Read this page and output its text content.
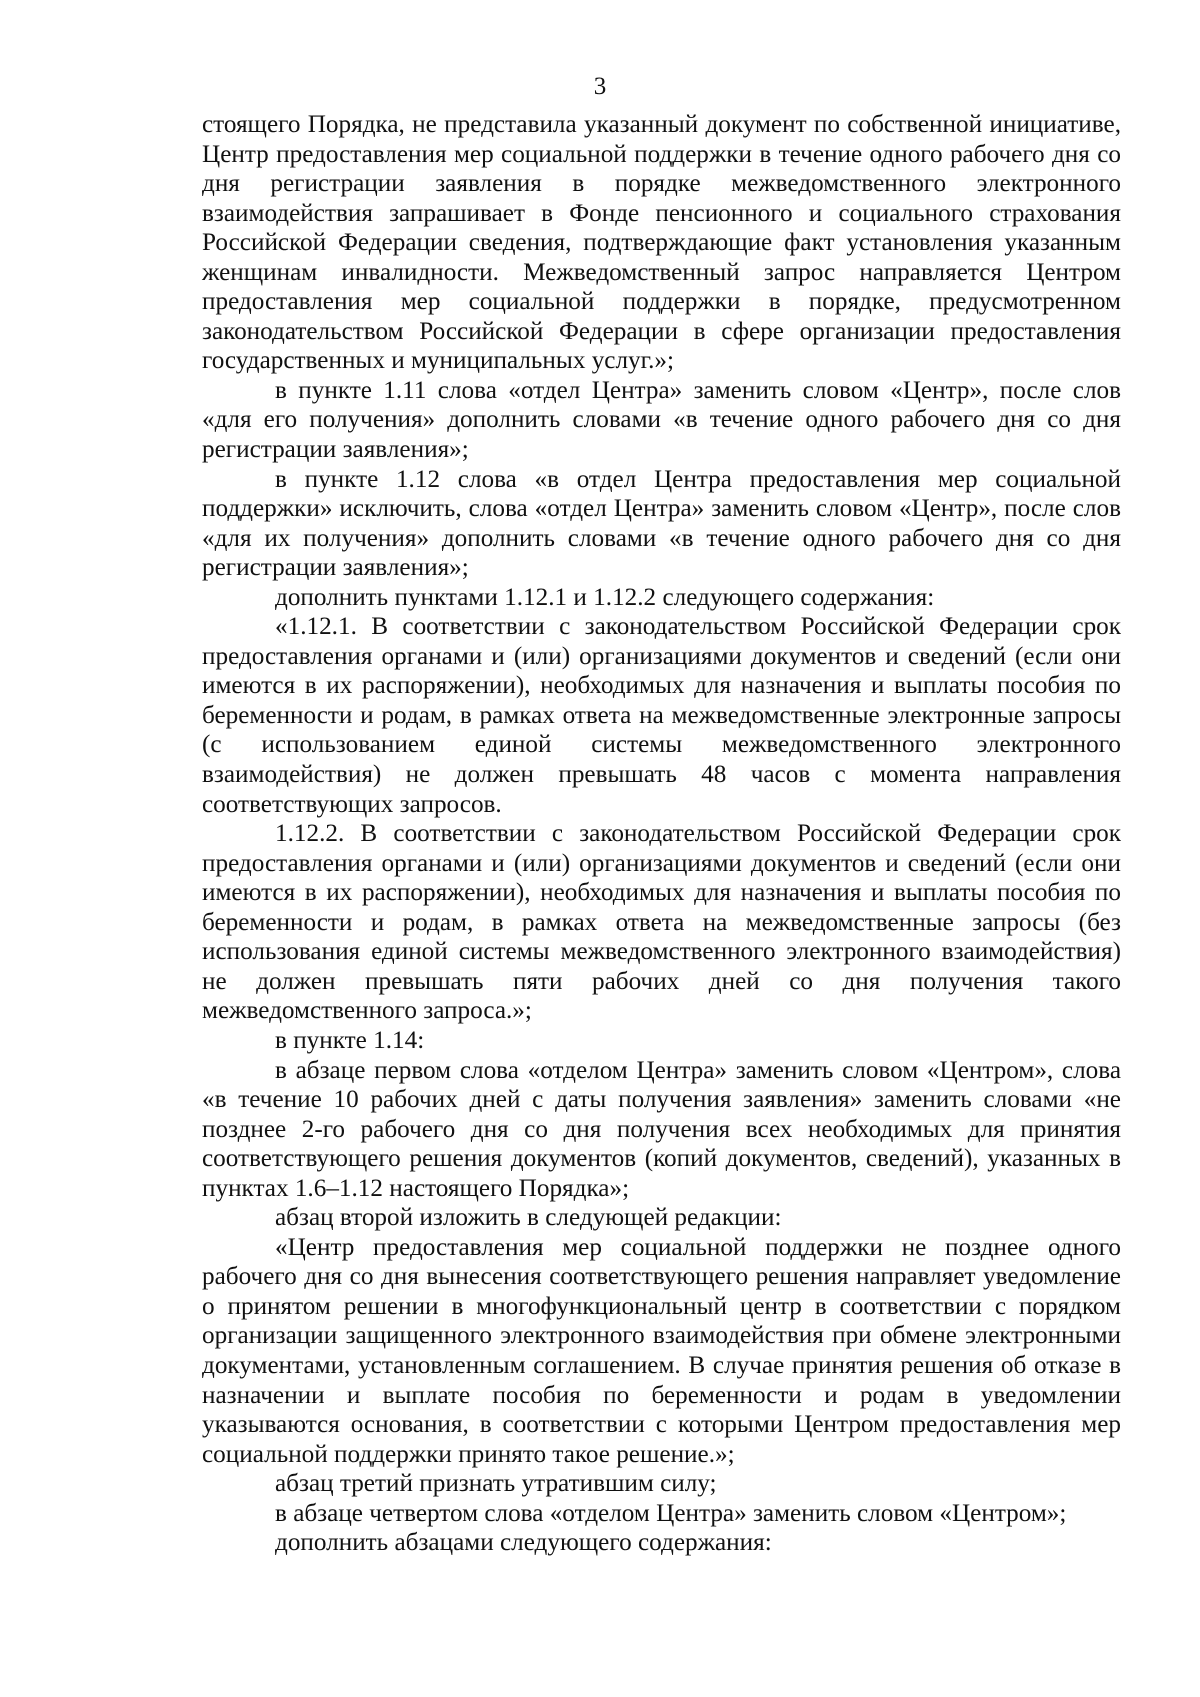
3

стоящего Порядка, не представила указанный документ по собственной инициативе, Центр предоставления мер социальной поддержки в течение одного рабочего дня со дня регистрации заявления в порядке межведомственного электронного взаимодействия запрашивает в Фонде пенсионного и социального страхования Российской Федерации сведения, подтверждающие факт установления указанным женщинам инвалидности. Межведомственный запрос направляется Центром предоставления мер социальной поддержки в порядке, предусмотренном законодательством Российской Федерации в сфере организации предоставления государственных и муниципальных услуг.»;

в пункте 1.11 слова «отдел Центра» заменить словом «Центр», после слов «для его получения» дополнить словами «в течение одного рабочего дня со дня регистрации заявления»;

в пункте 1.12 слова «в отдел Центра предоставления мер социальной поддержки» исключить, слова «отдел Центра» заменить словом «Центр», после слов «для их получения» дополнить словами «в течение одного рабочего дня со дня регистрации заявления»;

дополнить пунктами 1.12.1 и 1.12.2 следующего содержания:

«1.12.1. В соответствии с законодательством Российской Федерации срок предоставления органами и (или) организациями документов и сведений (если они имеются в их распоряжении), необходимых для назначения и выплаты пособия по беременности и родам, в рамках ответа на межведомственные электронные запросы (с использованием единой системы межведомственного электронного взаимодействия) не должен превышать 48 часов с момента направления соответствующих запросов.

1.12.2. В соответствии с законодательством Российской Федерации срок предоставления органами и (или) организациями документов и сведений (если они имеются в их распоряжении), необходимых для назначения и выплаты пособия по беременности и родам, в рамках ответа на межведомственные запросы (без использования единой системы межведомственного электронного взаимодействия) не должен превышать пяти рабочих дней со дня получения такого межведомственного запроса.»;

в пункте 1.14:

в абзаце первом слова «отделом Центра» заменить словом «Центром», слова «в течение 10 рабочих дней с даты получения заявления» заменить словами «не позднее 2-го рабочего дня со дня получения всех необходимых для принятия соответствующего решения документов (копий документов, сведений), указанных в пунктах 1.6–1.12 настоящего Порядка»;

абзац второй изложить в следующей редакции:

«Центр предоставления мер социальной поддержки не позднее одного рабочего дня со дня вынесения соответствующего решения направляет уведомление о принятом решении в многофункциональный центр в соответствии с порядком организации защищенного электронного взаимодействия при обмене электронными документами, установленным соглашением. В случае принятия решения об отказе в назначении и выплате пособия по беременности и родам в уведомлении указываются основания, в соответствии с которыми Центром предоставления мер социальной поддержки принято такое решение.»;

абзац третий признать утратившим силу;

в абзаце четвертом слова «отделом Центра» заменить словом «Центром»;

дополнить абзацами следующего содержания:
